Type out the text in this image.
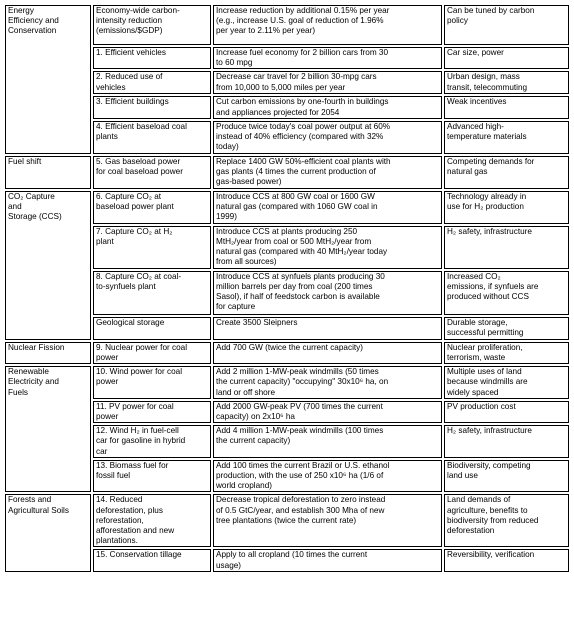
Energy
Efficiency and
Conservation	Economy-wide carbon-
intensity reduction
(emissions/$GDP)	Increase reduction by additional 0.15% per year
(e.g., increase U.S. goal of reduction of 1.96%
per year to 2.11% per year)	Can be tuned by carbon
policy
	1. Efficient vehicles	Increase fuel economy for 2 billion cars from 30
to 60 mpg	Car size, power
	2. Reduced use of
vehicles	Decrease car travel for 2 billion 30-mpg cars
from 10,000 to 5,000 miles per year	Urban design, mass
transit, telecommuting
	3. Efficient buildings	Cut carbon emissions by one-fourth in buildings
and appliances projected for 2054	Weak incentives
	4. Efficient baseload coal
plants	Produce twice today's coal power output at 60%
instead of 40% efficiency (compared with 32%
today)	Advanced high-
temperature materials
Fuel shift	5. Gas baseload power
for coal baseload power	Replace 1400 GW 50%-efficient coal plants with
gas plants (4 times the current production of
gas-based power)	Competing demands for
natural gas
CO₂ Capture
and
Storage (CCS)	6. Capture CO₂ at
baseload power plant	Introduce CCS at 800 GW coal or 1600 GW
natural gas (compared with 1060 GW coal in
1999)	Technology already in
use for H₂ production
	7. Capture CO₂ at H₂
plant	Introduce CCS at plants producing 250
MtH₂/year from coal or 500 MtH₂/year from
natural gas (compared with 40 MtH₂/year today
from all sources)	H₂ safety, infrastructure
	8. Capture CO₂ at coal-
to-synfuels plant	Introduce CCS at synfuels plants producing 30
million barrels per day from coal (200 times
Sasol), if half of feedstock carbon is available
for capture	Increased CO₂
emissions, if synfuels are
produced without CCS
	Geological storage	Create 3500 Sleipners	Durable storage,
successful permitting
Nuclear Fission	9. Nuclear power for coal
power	Add 700 GW (twice the current capacity)	Nuclear proliferation,
terrorism, waste
Renewable
Electricity and
Fuels	10. Wind power for coal
power	Add 2 million 1-MW-peak windmills (50 times
the current capacity) "occupying" 30x10⁶ ha, on
land or off shore	Multiple uses of land
because windmills are
widely spaced
	11. PV power for coal
power	Add 2000 GW-peak PV (700 times the current
capacity) on 2x10⁶ ha	PV production cost
	12. Wind H₂ in fuel-cell
car for gasoline in hybrid
car	Add 4 million 1-MW-peak windmills (100 times
the current capacity)	H₂ safety, infrastructure
	13. Biomass fuel for
fossil fuel	Add 100 times the current Brazil or U.S. ethanol
production, with the use of 250 x10⁶ ha (1/6 of
world cropland)	Biodiversity, competing
land use
Forests and
Agricultural Soils	14. Reduced
deforestation, plus
reforestation,
afforestation and new
plantations.	Decrease tropical deforestation to zero instead
of 0.5 GtC/year, and establish 300 Mha of new
tree plantations (twice the current rate)	Land demands of
agriculture, benefits to
biodiversity from reduced
deforestation
	15. Conservation tillage	Apply to all cropland (10 times the current
usage)	Reversibility, verification
